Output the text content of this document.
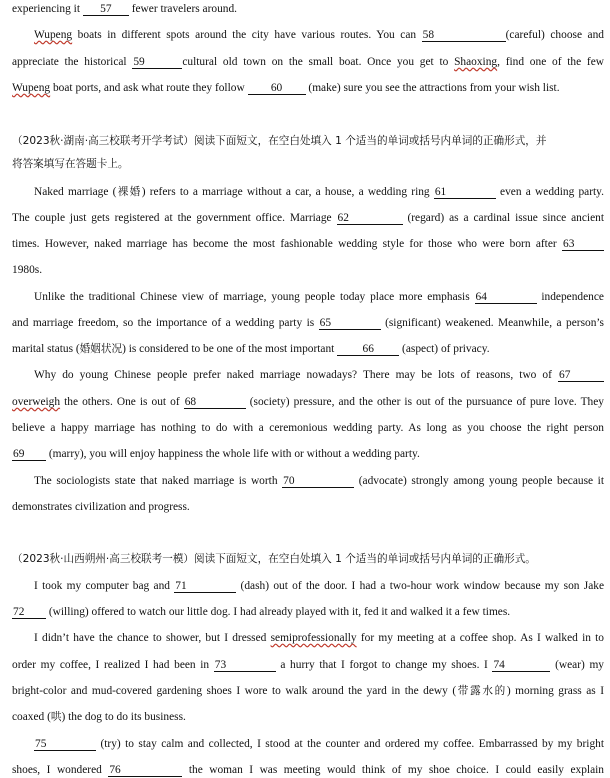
experiencing it 57 fewer travelers around.
Wupeng boats in different spots around the city have various routes. You can 58	(careful) choose and
appreciate the historical 59	cultural old town on the small boat. Once you get to Shaoxing, find one of the few
Wupeng boat ports, and ask what route they follow 60 (make) sure you see the attractions from your wish list.
（2023秋·湖南·高三校联考开学考试）阅读下面短文，在空白处填入 1 个适当的单词或括号内单词的正确形式，并
将答案填写在答题卡上。
Naked marriage (裸婚) refers to a marriage without a car, a house, a wedding ring 61	even a wedding party.
The couple just gets registered at the government office. Marriage 62	(regard) as a cardinal issue since ancient
times. However, naked marriage has become the most fashionable wedding style for those who were born after 63
1980s.
Unlike the traditional Chinese view of marriage, young people today place more emphasis 64	independence
and marriage freedom, so the importance of a wedding party is 65	(significant) weakened. Meanwhile, a person’s
marital status (婚姻状况) is considered to be one of the most important 66 (aspect) of privacy.
Why do young Chinese people prefer naked marriage nowadays? There may be lots of reasons, two of 67
overweigh the others. One is out of 68	(society) pressure, and the other is out of the pursuance of pure love. They
believe a happy marriage has nothing to do with a ceremonious wedding party. As long as you choose the right person
69 (marry), you will enjoy happiness the whole life with or without a wedding party.
The sociologists state that naked marriage is worth 70	(advocate) strongly among young people because it
demonstrates civilization and progress.
（2023秋·山西朔州·高三校联考一模）阅读下面短文，在空白处填入 1 个适当的单词或括号内单词的正确形式。
I took my computer bag and 71	(dash) out of the door. I had a two-hour work window because my son Jake
72 (willing) offered to watch our little dog. I had already played with it, fed it and walked it a few times.
I didn’t have the chance to shower, but I dressed semiprofessionally for my meeting at a coffee shop. As I walked in to
order my coffee, I realized I had been in 73	a hurry that I forgot to change my shoes. I 74	(wear) my
bright-color and mud-covered gardening shoes I wore to walk around the yard in the dewy (带露水的) morning grass as I
coaxed (哄) the dog to do its business.
75	(try) to stay calm and collected, I stood at the counter and ordered my coffee. Embarrassed by my bright
shoes, I wondered 76	the woman I was meeting would think of my shoe choice. I could easily explain
